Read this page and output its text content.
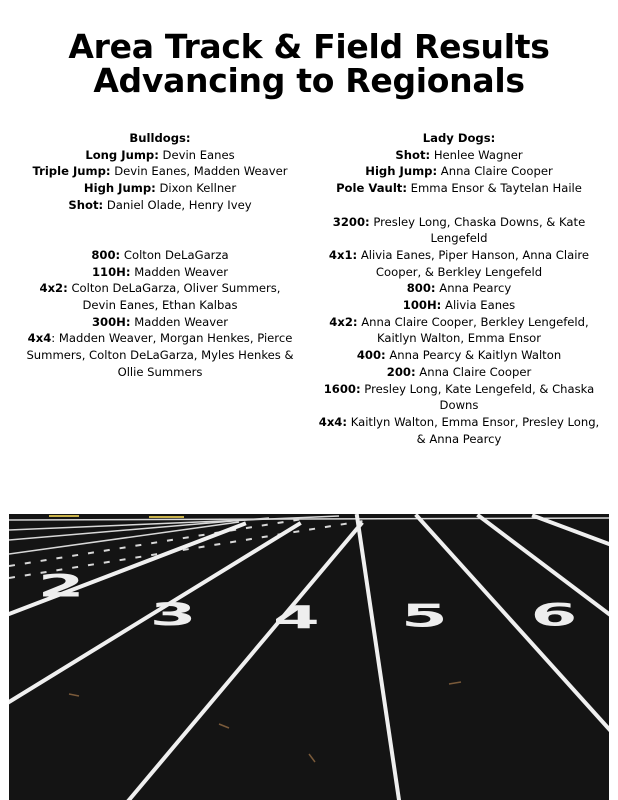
Area Track & Field Results
Advancing to Regionals

Bulldogs:

Long Jump: Devin Eanes

Triple Jump: Devin Eanes, Madden Weaver

High Jump: Dixon Kellner

Shot: Daniel Olade, Henry Ivey

800: Colton DeLaGarza

110H: Madden Weaver

4x2: Colton DeLaGarza, Oliver Summers, Devin Eanes, Ethan Kalbas

300H: Madden Weaver

4x4: Madden Weaver, Morgan Henkes, Pierce Summers, Colton DeLaGarza, Myles Henkes & Ollie Summers

Lady Dogs:

Shot: Henlee Wagner

High Jump: Anna Claire Cooper

Pole Vault: Emma Ensor & Taytelan Haile

3200: Presley Long, Chaska Downs, & Kate Lengefeld

4x1: Alivia Eanes, Piper Hanson, Anna Claire Cooper, & Berkley Lengefeld

800: Anna Pearcy

100H: Alivia Eanes

4x2: Anna Claire Cooper, Berkley Lengefeld, Kaitlyn Walton, Emma Ensor

400: Anna Pearcy & Kaitlyn Walton

200: Anna Claire Cooper

1600: Presley Long, Kate Lengefeld, & Chaska Downs

4x4: Kaitlyn Walton, Emma Ensor, Presley Long, & Anna Pearcy

2
3 4 5 6
